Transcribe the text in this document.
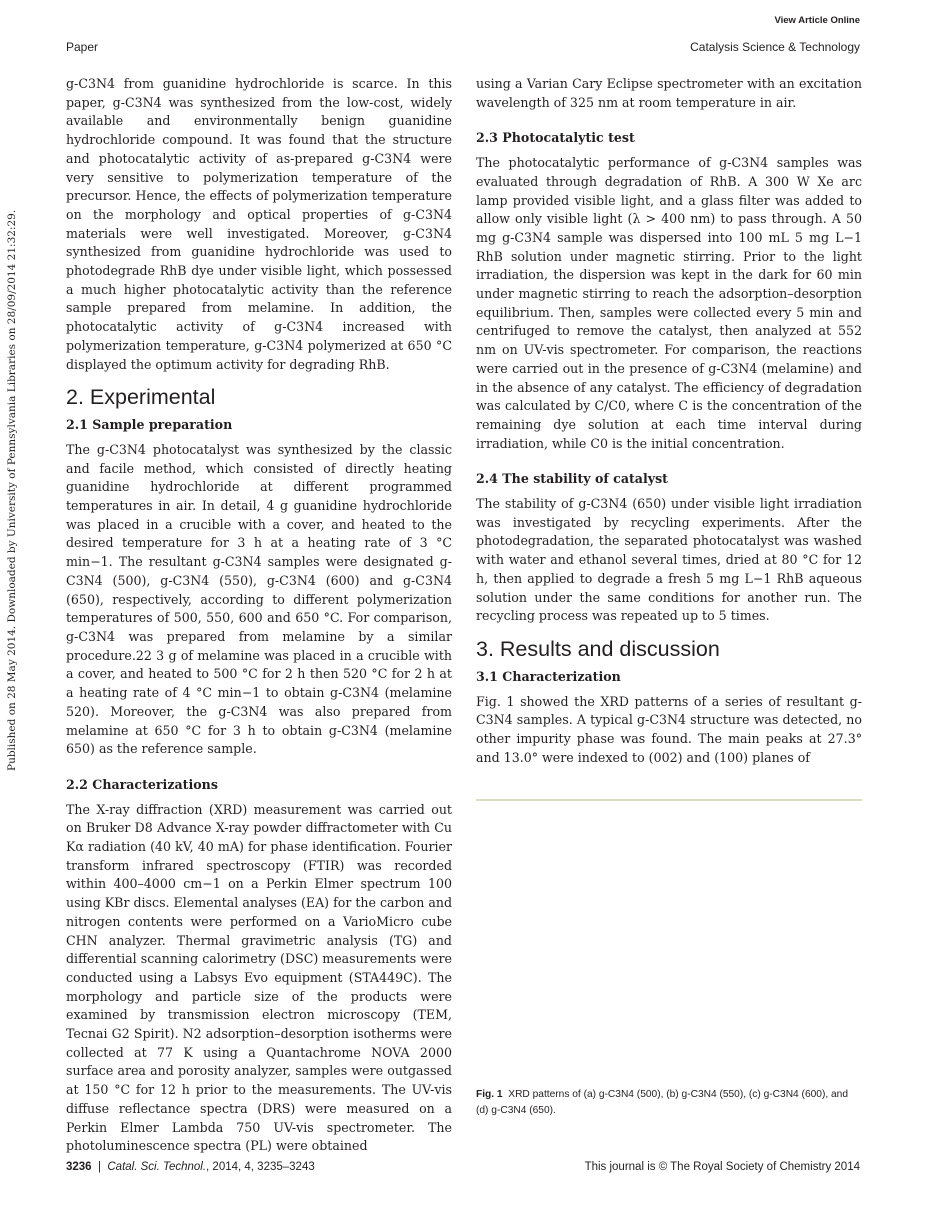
View Article Online
Paper	Catalysis Science & Technology
Published on 28 May 2014. Downloaded by University of Pennsylvania Libraries on 28/09/2014 21:32:29.

g-C3N4 from guanidine hydrochloride is scarce. In this paper, g-C3N4 was synthesized from the low-cost, widely available and environmentally benign guanidine hydrochloride compound. It was found that the structure and photocatalytic activity of as-prepared g-C3N4 were very sensitive to polymerization temperature of the precursor. Hence, the effects of polymerization temperature on the morphology and optical properties of g-C3N4 materials were well investigated. Moreover, g-C3N4 synthesized from guanidine hydrochloride was used to photodegrade RhB dye under visible light, which possessed a much higher photocatalytic activity than the reference sample prepared from melamine. In addition, the photocatalytic activity of g-C3N4 increased with polymerization temperature, g-C3N4 polymerized at 650 °C displayed the optimum activity for degrading RhB.

2. Experimental
2.1 Sample preparation

The g-C3N4 photocatalyst was synthesized by the classic and facile method, which consisted of directly heating guanidine hydrochloride at different programmed temperatures in air. In detail, 4 g guanidine hydrochloride was placed in a crucible with a cover, and heated to the desired temperature for 3 h at a heating rate of 3 °C min−1. The resultant g-C3N4 samples were designated g-C3N4 (500), g-C3N4 (550), g-C3N4 (600) and g-C3N4 (650), respectively, according to different polymerization temperatures of 500, 550, 600 and 650 °C. For comparison, g-C3N4 was prepared from melamine by a similar procedure.22 3 g of melamine was placed in a crucible with a cover, and heated to 500 °C for 2 h then 520 °C for 2 h at a heating rate of 4 °C min−1 to obtain g-C3N4 (melamine 520). Moreover, the g-C3N4 was also prepared from melamine at 650 °C for 3 h to obtain g-C3N4 (melamine 650) as the reference sample.

2.2 Characterizations

The X-ray diffraction (XRD) measurement was carried out on Bruker D8 Advance X-ray powder diffractometer with Cu Kα radiation (40 kV, 40 mA) for phase identification. Fourier transform infrared spectroscopy (FTIR) was recorded within 400–4000 cm−1 on a Perkin Elmer spectrum 100 using KBr discs. Elemental analyses (EA) for the carbon and nitrogen contents were performed on a VarioMicro cube CHN analyzer. Thermal gravimetric analysis (TG) and differential scanning calorimetry (DSC) measurements were conducted using a Labsys Evo equipment (STA449C). The morphology and particle size of the products were examined by transmission electron microscopy (TEM, Tecnai G2 Spirit). N2 adsorption–desorption isotherms were collected at 77 K using a Quantachrome NOVA 2000 surface area and porosity analyzer, samples were outgassed at 150 °C for 12 h prior to the measurements. The UV-vis diffuse reflectance spectra (DRS) were measured on a Perkin Elmer Lambda 750 UV-vis spectrometer. The photoluminescence spectra (PL) were obtained

using a Varian Cary Eclipse spectrometer with an excitation wavelength of 325 nm at room temperature in air.

2.3 Photocatalytic test

The photocatalytic performance of g-C3N4 samples was evaluated through degradation of RhB. A 300 W Xe arc lamp provided visible light, and a glass filter was added to allow only visible light (λ > 400 nm) to pass through. A 50 mg g-C3N4 sample was dispersed into 100 mL 5 mg L−1 RhB solution under magnetic stirring. Prior to the light irradiation, the dispersion was kept in the dark for 60 min under magnetic stirring to reach the adsorption–desorption equilibrium. Then, samples were collected every 5 min and centrifuged to remove the catalyst, then analyzed at 552 nm on UV-vis spectrometer. For comparison, the reactions were carried out in the presence of g-C3N4 (melamine) and in the absence of any catalyst. The efficiency of degradation was calculated by C/C0, where C is the concentration of the remaining dye solution at each time interval during irradiation, while C0 is the initial concentration.

2.4 The stability of catalyst

The stability of g-C3N4 (650) under visible light irradiation was investigated by recycling experiments. After the photodegradation, the separated photocatalyst was washed with water and ethanol several times, dried at 80 °C for 12 h, then applied to degrade a fresh 5 mg L−1 RhB aqueous solution under the same conditions for another run. The recycling process was repeated up to 5 times.

3. Results and discussion
3.1 Characterization

Fig. 1 showed the XRD patterns of a series of resultant g-C3N4 samples. A typical g-C3N4 structure was detected, no other impurity phase was found. The main peaks at 27.3° and 13.0° were indexed to (002) and (100) planes of

Fig. 1 XRD patterns of (a) g-C3N4 (500), (b) g-C3N4 (550), (c) g-C3N4 (600), and (d) g-C3N4 (650).
3236  |  Catal. Sci. Technol., 2014, 4, 3235–3243	This journal is © The Royal Society of Chemistry 2014
